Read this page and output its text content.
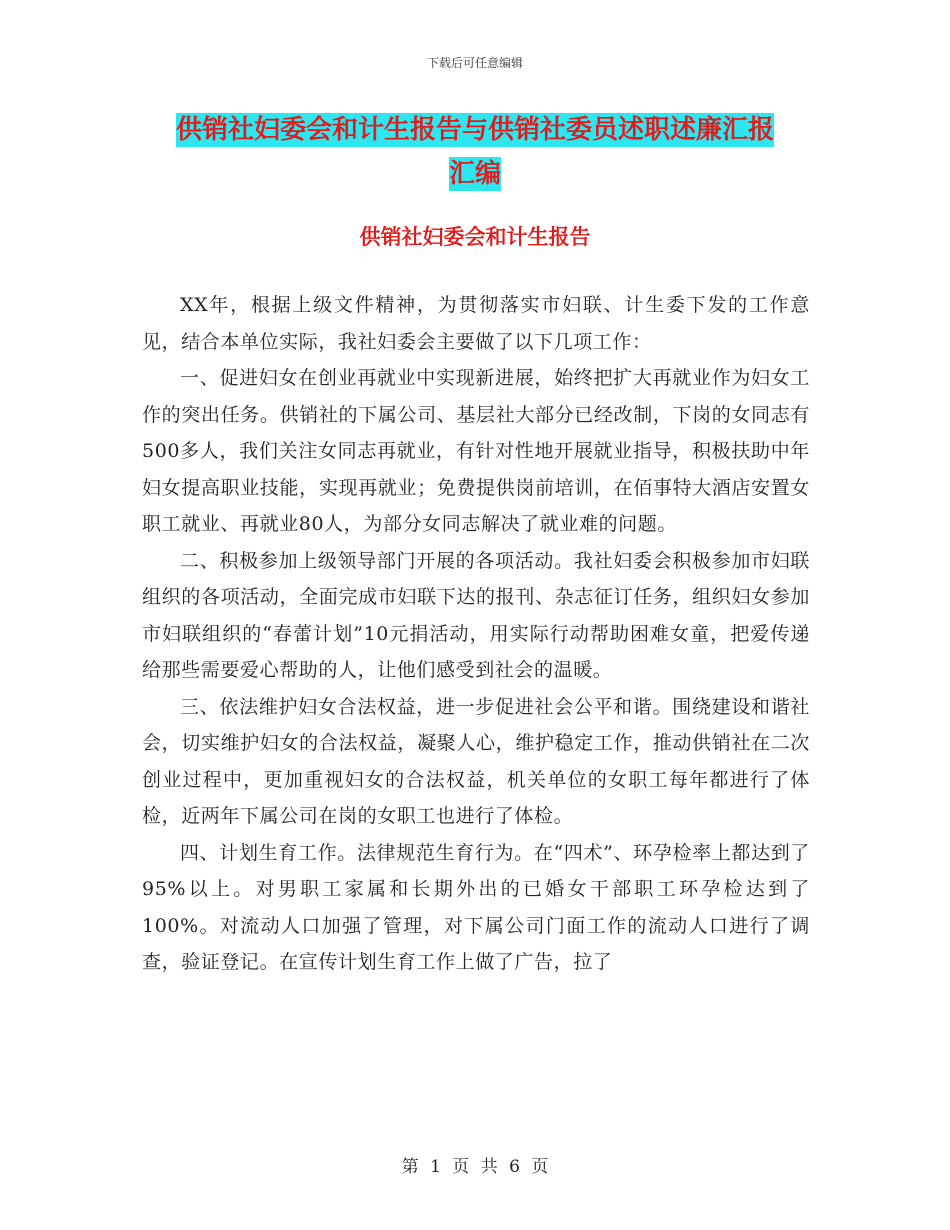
下载后可任意编辑
供销社妇委会和计生报告与供销社委员述职述廉汇报
汇编
供销社妇委会和计生报告

XX年，根据上级文件精神，为贯彻落实市妇联、计生委下发的工作意见，结合本单位实际，我社妇委会主要做了以下几项工作：

一、促进妇女在创业再就业中实现新进展，始终把扩大再就业作为妇女工作的突出任务。供销社的下属公司、基层社大部分已经改制，下岗的女同志有500多人，我们关注女同志再就业，有针对性地开展就业指导，积极扶助中年妇女提高职业技能，实现再就业；免费提供岗前培训，在佰事特大酒店安置女职工就业、再就业80人，为部分女同志解决了就业难的问题。

二、积极参加上级领导部门开展的各项活动。我社妇委会积极参加市妇联组织的各项活动，全面完成市妇联下达的报刊、杂志征订任务，组织妇女参加市妇联组织的“春蕾计划”10元捐活动，用实际行动帮助困难女童，把爱传递给那些需要爱心帮助的人，让他们感受到社会的温暖。

三、依法维护妇女合法权益，进一步促进社会公平和谐。围绕建设和谐社会，切实维护妇女的合法权益，凝聚人心，维护稳定工作，推动供销社在二次创业过程中，更加重视妇女的合法权益，机关单位的女职工每年都进行了体检，近两年下属公司在岗的女职工也进行了体检。

四、计划生育工作。法律规范生育行为。在“四术”、环孕检率上都达到了95%以上。对男职工家属和长期外出的已婚女干部职工环孕检达到了100%。对流动人口加强了管理，对下属公司门面工作的流动人口进行了调查，验证登记。在宣传计划生育工作上做了广告，拉了

第 1 页 共 6 页
